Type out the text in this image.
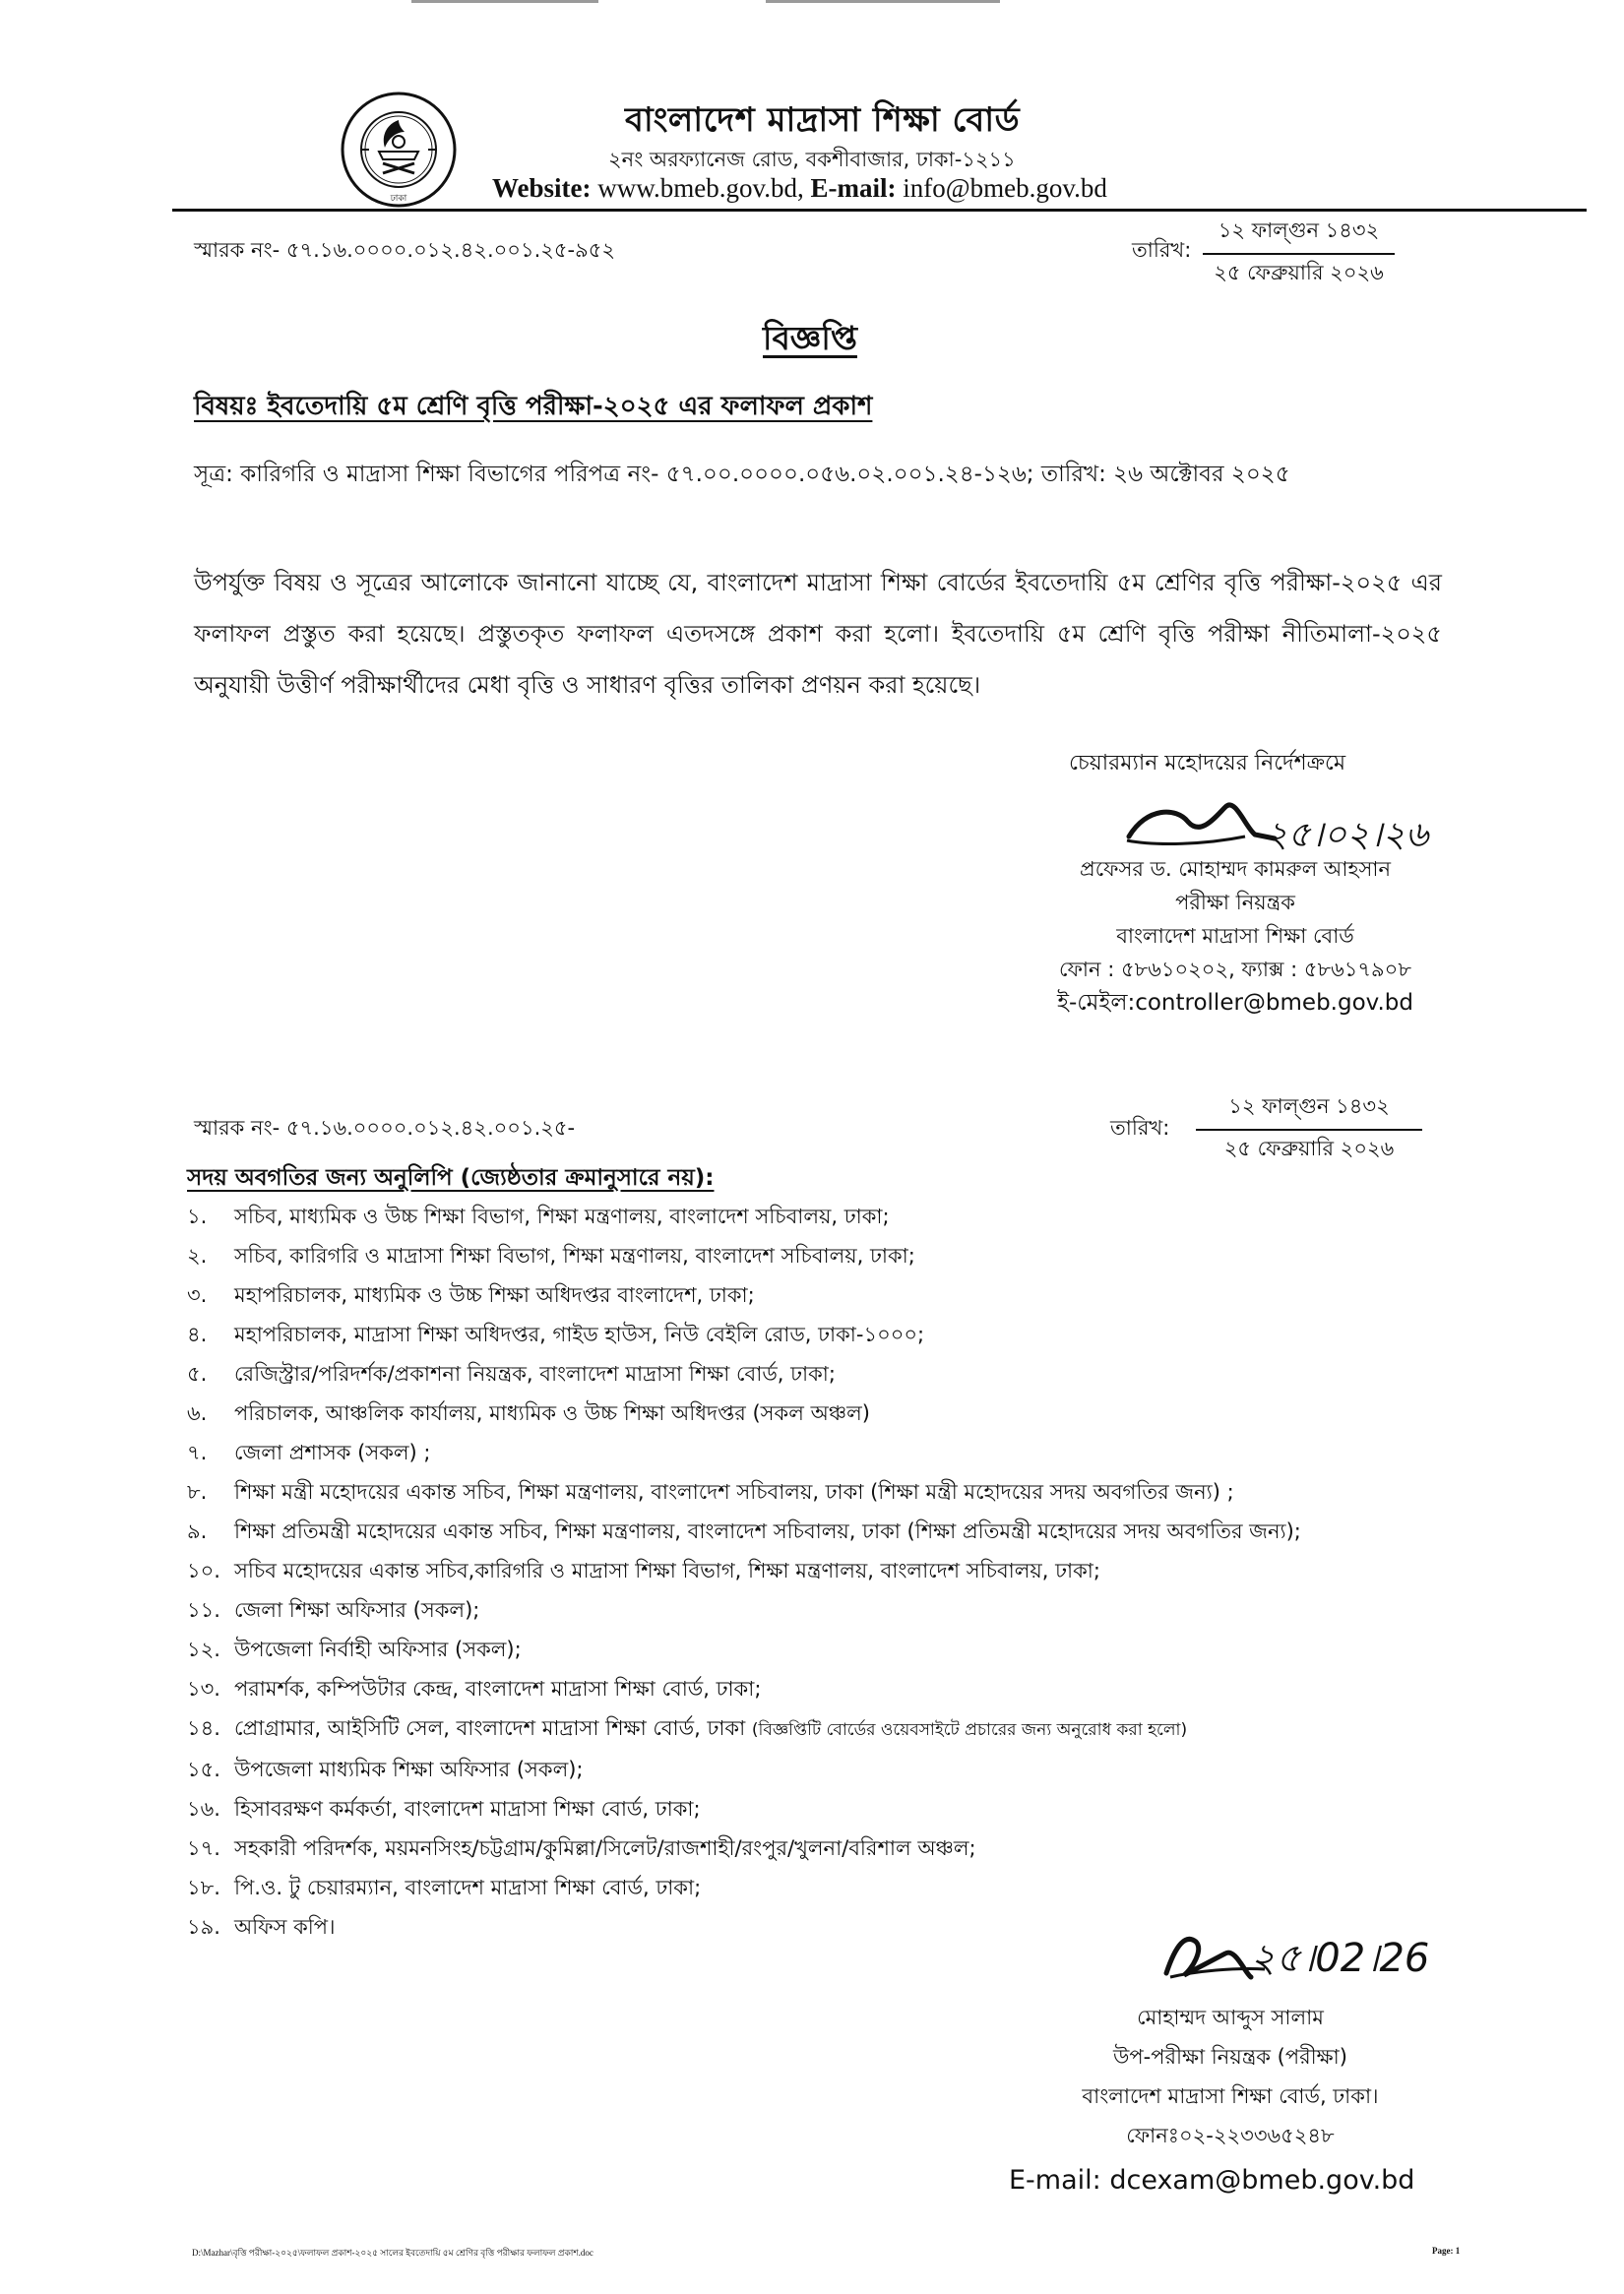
ঢাকা
বাংলাদেশ মাদ্রাসা শিক্ষা বোর্ড
২নং অরফ্যানেজ রোড, বকশীবাজার, ঢাকা-১২১১
Website: www.bmeb.gov.bd, E-mail: info@bmeb.gov.bd
স্মারক নং- ৫৭.১৬.০০০০.০১২.৪২.০০১.২৫-৯৫২	তারিখ:
১২ ফাল্গুন ১৪৩২
২৫ ফেব্রুয়ারি ২০২৬
বিজ্ঞপ্তি
বিষয়ঃ ইবতেদায়ি ৫ম শ্রেণি বৃত্তি পরীক্ষা-২০২৫ এর ফলাফল প্রকাশ
সূত্র: কারিগরি ও মাদ্রাসা শিক্ষা বিভাগের পরিপত্র নং- ৫৭.০০.০০০০.০৫৬.০২.০০১.২৪-১২৬; তারিখ: ২৬ অক্টোবর ২০২৫
উপর্যুক্ত বিষয় ও সূত্রের আলোকে জানানো যাচ্ছে যে, বাংলাদেশ মাদ্রাসা শিক্ষা বোর্ডের ইবতেদায়ি ৫ম শ্রেণির বৃত্তি পরীক্ষা-২০২৫ এর ফলাফল প্রস্তুত করা হয়েছে। প্রস্তুতকৃত ফলাফল এতদসঙ্গে প্রকাশ করা হলো। ইবতেদায়ি ৫ম শ্রেণি বৃত্তি পরীক্ষা নীতিমালা-২০২৫ অনুযায়ী উত্তীর্ণ পরীক্ষার্থীদের মেধা বৃত্তি ও সাধারণ বৃত্তির তালিকা প্রণয়ন করা হয়েছে।
চেয়ারম্যান মহোদয়ের নির্দেশক্রমে
২৫।০২।২৬
প্রফেসর ড. মোহাম্মদ কামরুল আহসান
পরীক্ষা নিয়ন্ত্রক
বাংলাদেশ মাদ্রাসা শিক্ষা বোর্ড
ফোন : ৫৮৬১০২০২, ফ্যাক্স : ৫৮৬১৭৯০৮
ই-মেইল:controller@bmeb.gov.bd
স্মারক নং- ৫৭.১৬.০০০০.০১২.৪২.০০১.২৫-	তারিখ:
১২ ফাল্গুন ১৪৩২
২৫ ফেব্রুয়ারি ২০২৬
সদয় অবগতির জন্য অনুলিপি (জ্যেষ্ঠতার ক্রমানুসারে নয়):
১.	সচিব, মাধ্যমিক ও উচ্চ শিক্ষা বিভাগ, শিক্ষা মন্ত্রণালয়, বাংলাদেশ সচিবালয়, ঢাকা;
২.	সচিব, কারিগরি ও মাদ্রাসা শিক্ষা বিভাগ, শিক্ষা মন্ত্রণালয়, বাংলাদেশ সচিবালয়, ঢাকা;
৩.	মহাপরিচালক, মাধ্যমিক ও উচ্চ শিক্ষা অধিদপ্তর বাংলাদেশ, ঢাকা;
৪.	মহাপরিচালক, মাদ্রাসা শিক্ষা অধিদপ্তর, গাইড হাউস, নিউ বেইলি রোড, ঢাকা-১০০০;
৫.	রেজিস্ট্রার/পরিদর্শক/প্রকাশনা নিয়ন্ত্রক, বাংলাদেশ মাদ্রাসা শিক্ষা বোর্ড, ঢাকা;
৬.	পরিচালক, আঞ্চলিক কার্যালয়, মাধ্যমিক ও উচ্চ শিক্ষা অধিদপ্তর (সকল অঞ্চল)
৭.	জেলা প্রশাসক (সকল) ;
৮.	শিক্ষা মন্ত্রী মহোদয়ের একান্ত সচিব, শিক্ষা মন্ত্রণালয়, বাংলাদেশ সচিবালয়, ঢাকা (শিক্ষা মন্ত্রী মহোদয়ের সদয় অবগতির জন্য) ;
৯.	শিক্ষা প্রতিমন্ত্রী মহোদয়ের একান্ত সচিব, শিক্ষা মন্ত্রণালয়, বাংলাদেশ সচিবালয়, ঢাকা (শিক্ষা প্রতিমন্ত্রী মহোদয়ের সদয় অবগতির জন্য);
১০. সচিব মহোদয়ের একান্ত সচিব,কারিগরি ও মাদ্রাসা শিক্ষা বিভাগ, শিক্ষা মন্ত্রণালয়, বাংলাদেশ সচিবালয়, ঢাকা;
১১. জেলা শিক্ষা অফিসার (সকল);
১২. উপজেলা নির্বাহী অফিসার (সকল);
১৩. পরামর্শক, কম্পিউটার কেন্দ্র, বাংলাদেশ মাদ্রাসা শিক্ষা বোর্ড, ঢাকা;
১৪. প্রোগ্রামার, আইসিটি সেল, বাংলাদেশ মাদ্রাসা শিক্ষা বোর্ড, ঢাকা (বিজ্ঞপ্তিটি বোর্ডের ওয়েবসাইটে প্রচারের জন্য অনুরোধ করা হলো)
১৫. উপজেলা মাধ্যমিক শিক্ষা অফিসার (সকল);
১৬. হিসাবরক্ষণ কর্মকর্তা, বাংলাদেশ মাদ্রাসা শিক্ষা বোর্ড, ঢাকা;
১৭. সহকারী পরিদর্শক, ময়মনসিংহ/চট্টগ্রাম/কুমিল্লা/সিলেট/রাজশাহী/রংপুর/খুলনা/বরিশাল অঞ্চল;
১৮. পি.ও. টু চেয়ারম্যান, বাংলাদেশ মাদ্রাসা শিক্ষা বোর্ড, ঢাকা;
১৯. অফিস কপি।
২৫।02।26
মোহাম্মদ আব্দুস সালাম
উপ-পরীক্ষা নিয়ন্ত্রক (পরীক্ষা)
বাংলাদেশ মাদ্রাসা শিক্ষা বোর্ড, ঢাকা।
ফোনঃ০২-২২৩৩৬৫২৪৮
E-mail: dcexam@bmeb.gov.bd
D:\Mazhar\বৃত্তি পরীক্ষা-২০২৫\ফলাফল প্রকাশ-২০২৫ সালের ইবতেদায়ি ৫ম শ্রেণির বৃত্তি পরীক্ষার ফলাফল প্রকাশ.doc	Page: 1
